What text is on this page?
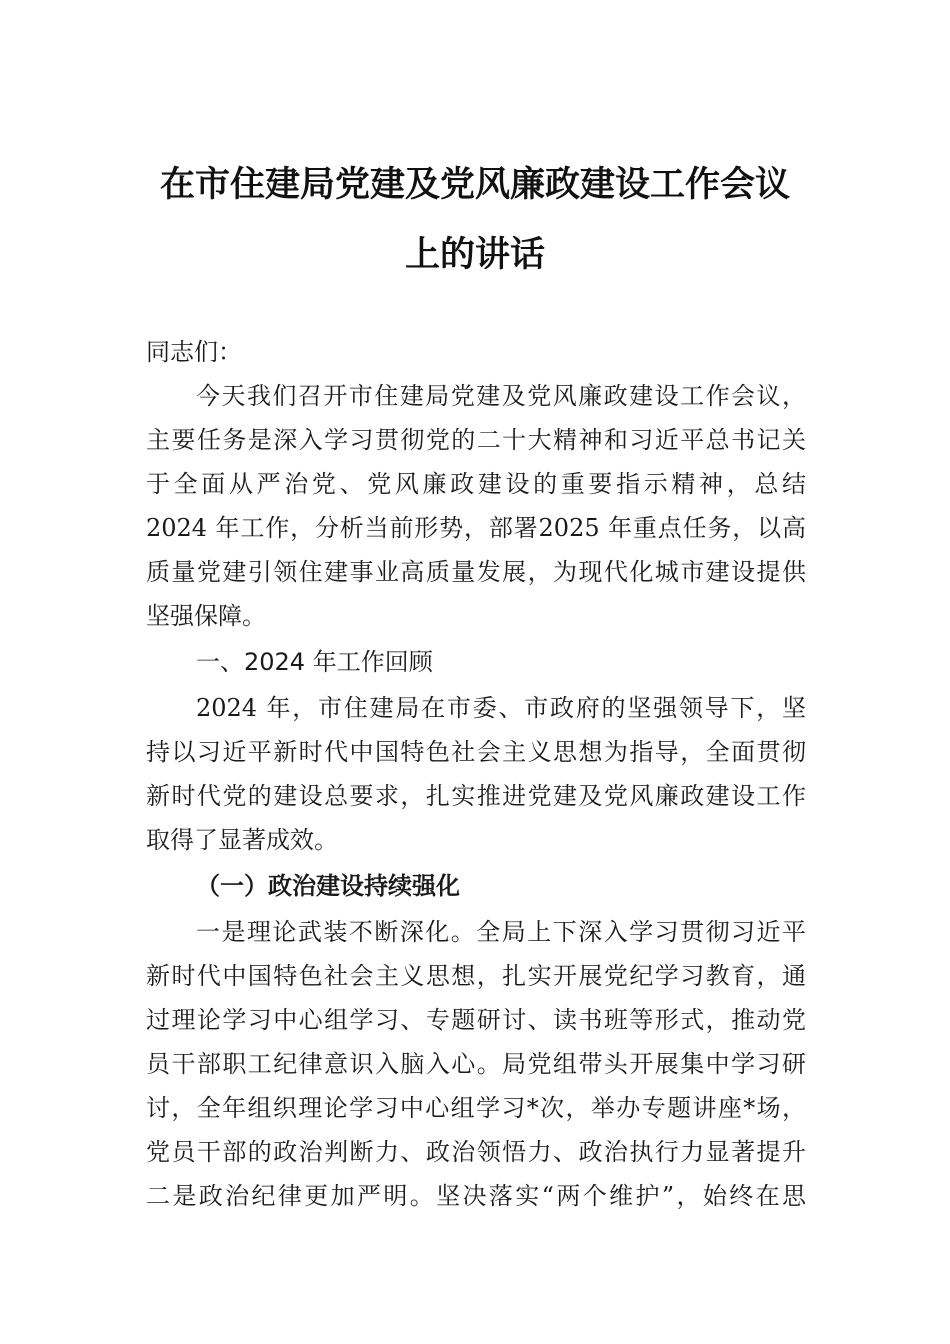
在市住建局党建及党风廉政建设工作会议
上的讲话
同志们：
今天我们召开市住建局党建及党风廉政建设工作会议，
主要任务是深入学习贯彻党的二十大精神和习近平总书记关
于全面从严治党、党风廉政建设的重要指示精神，总结
2024 年工作，分析当前形势，部署2025 年重点任务，以高
质量党建引领住建事业高质量发展，为现代化城市建设提供
坚强保障。
一、2024 年工作回顾
2024 年，市住建局在市委、市政府的坚强领导下，坚
持以习近平新时代中国特色社会主义思想为指导，全面贯彻
新时代党的建设总要求，扎实推进党建及党风廉政建设工作
取得了显著成效。
（一）政治建设持续强化
一是理论武装不断深化。全局上下深入学习贯彻习近平
新时代中国特色社会主义思想，扎实开展党纪学习教育，通
过理论学习中心组学习、专题研讨、读书班等形式，推动党
员干部职工纪律意识入脑入心。局党组带头开展集中学习研
讨，全年组织理论学习中心组学习*次，举办专题讲座*场，
党员干部的政治判断力、政治领悟力、政治执行力显著提升
二是政治纪律更加严明。坚决落实“两个维护”，始终在思
